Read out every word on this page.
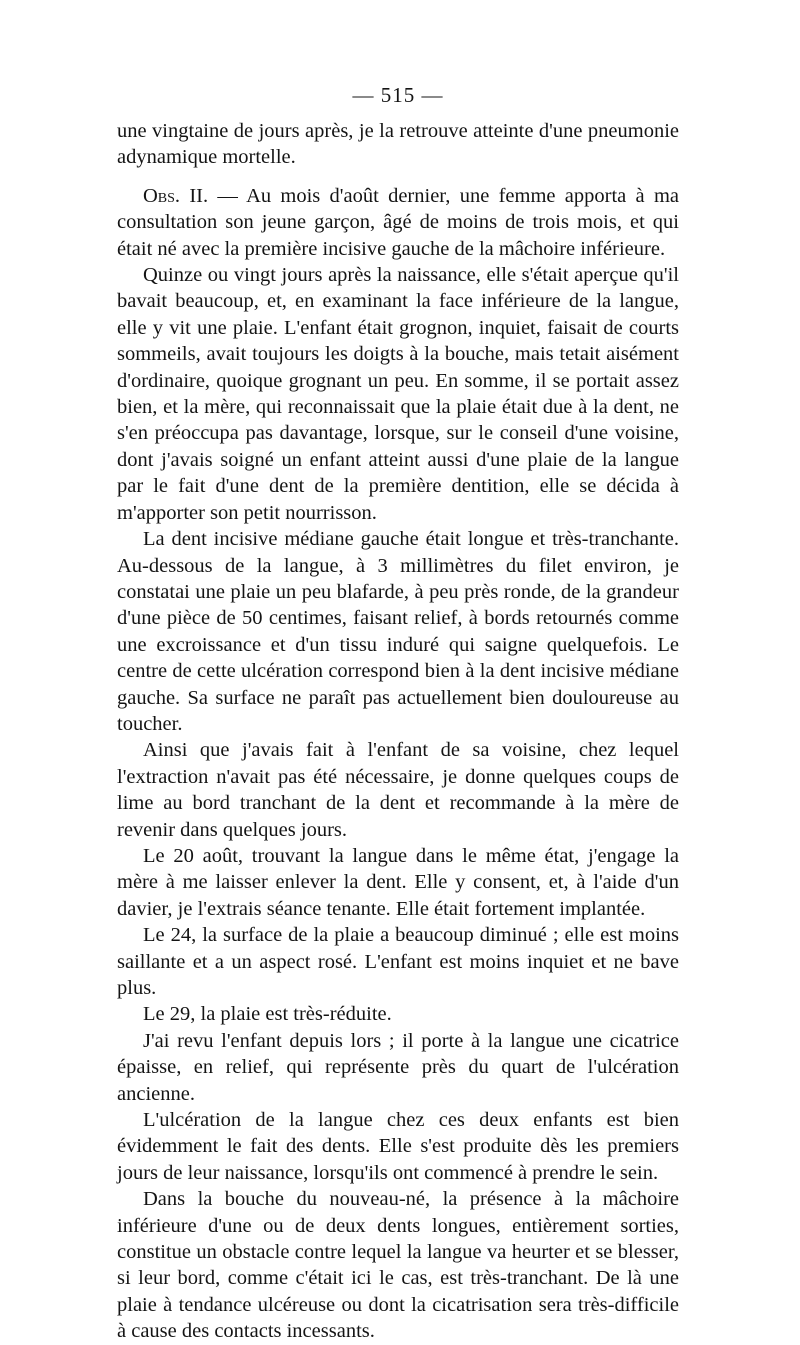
— 515 —

une vingtaine de jours après, je la retrouve atteinte d'une pneumonie adynamique mortelle.

Obs. II. — Au mois d'août dernier, une femme apporta à ma consultation son jeune garçon, âgé de moins de trois mois, et qui était né avec la première incisive gauche de la mâchoire inférieure.

Quinze ou vingt jours après la naissance, elle s'était aperçue qu'il bavait beaucoup, et, en examinant la face inférieure de la langue, elle y vit une plaie. L'enfant était grognon, inquiet, faisait de courts sommeils, avait toujours les doigts à la bouche, mais tetait aisément d'ordinaire, quoique grognant un peu. En somme, il se portait assez bien, et la mère, qui reconnaissait que la plaie était due à la dent, ne s'en préoccupa pas davantage, lorsque, sur le conseil d'une voisine, dont j'avais soigné un enfant atteint aussi d'une plaie de la langue par le fait d'une dent de la première dentition, elle se décida à m'apporter son petit nourrisson.

La dent incisive médiane gauche était longue et très-tranchante. Au-dessous de la langue, à 3 millimètres du filet environ, je constatai une plaie un peu blafarde, à peu près ronde, de la grandeur d'une pièce de 50 centimes, faisant relief, à bords retournés comme une excroissance et d'un tissu induré qui saigne quelquefois. Le centre de cette ulcération correspond bien à la dent incisive médiane gauche. Sa surface ne paraît pas actuellement bien douloureuse au toucher.

Ainsi que j'avais fait à l'enfant de sa voisine, chez lequel l'extraction n'avait pas été nécessaire, je donne quelques coups de lime au bord tranchant de la dent et recommande à la mère de revenir dans quelques jours.

Le 20 août, trouvant la langue dans le même état, j'engage la mère à me laisser enlever la dent. Elle y consent, et, à l'aide d'un davier, je l'extrais séance tenante. Elle était fortement implantée.

Le 24, la surface de la plaie a beaucoup diminué ; elle est moins saillante et a un aspect rosé. L'enfant est moins inquiet et ne bave plus.

Le 29, la plaie est très-réduite.

J'ai revu l'enfant depuis lors ; il porte à la langue une cicatrice épaisse, en relief, qui représente près du quart de l'ulcération ancienne.

L'ulcération de la langue chez ces deux enfants est bien évidemment le fait des dents. Elle s'est produite dès les premiers jours de leur naissance, lorsqu'ils ont commencé à prendre le sein.

Dans la bouche du nouveau-né, la présence à la mâchoire inférieure d'une ou de deux dents longues, entièrement sorties, constitue un obstacle contre lequel la langue va heurter et se blesser, si leur bord, comme c'était ici le cas, est très-tranchant. De là une plaie à tendance ulcéreuse ou dont la cicatrisation sera très-difficile à cause des contacts incessants.
